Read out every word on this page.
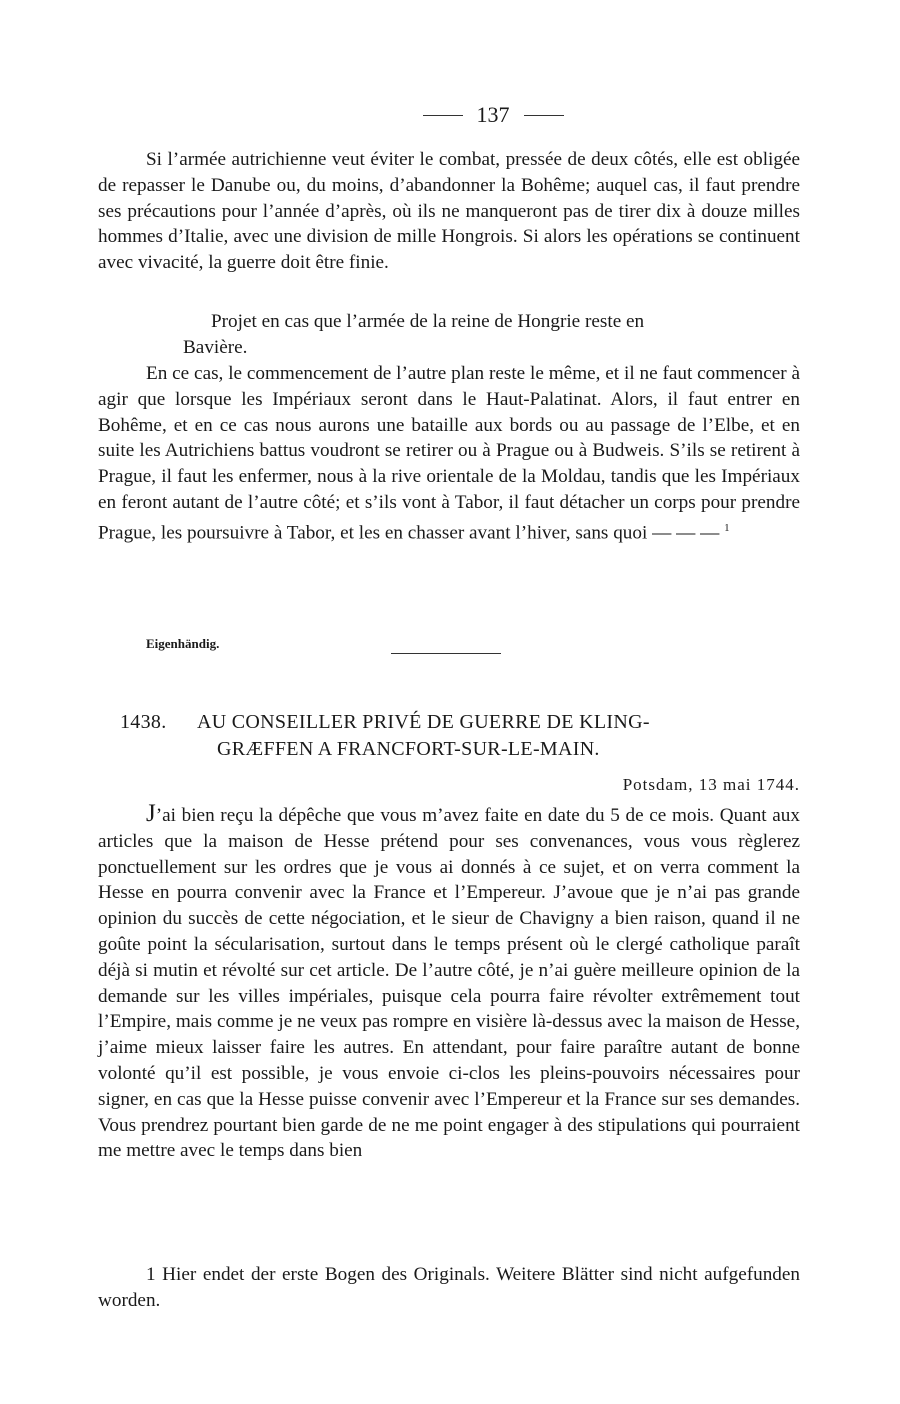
137

Si l’armée autrichienne veut éviter le combat, pressée de deux côtés, elle est obligée de repasser le Danube ou, du moins, d’abandonner la Bohême; auquel cas, il faut prendre ses précautions pour l’année d’après, où ils ne manqueront pas de tirer dix à douze milles hommes d’Italie, avec une division de mille Hongrois. Si alors les opérations se continuent avec vivacité, la guerre doit être finie.

Projet en cas que l’armée de la reine de Hongrie reste en
Bavière.

En ce cas, le commencement de l’autre plan reste le même, et il ne faut commencer à agir que lorsque les Impériaux seront dans le Haut-Palatinat. Alors, il faut entrer en Bohême, et en ce cas nous aurons une bataille aux bords ou au passage de l’Elbe, et en suite les Autrichiens battus voudront se retirer ou à Prague ou à Budweis. S’ils se retirent à Prague, il faut les enfermer, nous à la rive orientale de la Moldau, tandis que les Impériaux en feront autant de l’autre côté; et s’ils vont à Tabor, il faut détacher un corps pour prendre Prague, les poursuivre à Tabor, et les en chasser avant l’hiver, sans quoi — — — $^1$

Eigenhändig.
1438. AU CONSEILLER PRIVÉ DE GUERRE DE KLING-
GRÆFFEN A FRANCFORT-SUR-LE-MAIN.
Potsdam, 13 mai 1744.

J’ai bien reçu la dépêche que vous m’avez faite en date du 5 de ce mois. Quant aux articles que la maison de Hesse prétend pour ses convenances, vous vous règlerez ponctuellement sur les ordres que je vous ai donnés à ce sujet, et on verra comment la Hesse en pourra convenir avec la France et l’Empereur. J’avoue que je n’ai pas grande opinion du succès de cette négociation, et le sieur de Chavigny a bien raison, quand il ne goûte point la sécularisation, surtout dans le temps présent où le clergé catholique paraît déjà si mutin et révolté sur cet article. De l’autre côté, je n’ai guère meilleure opinion de la demande sur les villes impériales, puisque cela pourra faire révolter extrêmement tout l’Empire, mais comme je ne veux pas rompre en visière là-dessus avec la maison de Hesse, j’aime mieux laisser faire les autres. En attendant, pour faire paraître autant de bonne volonté qu’il est possible, je vous envoie ci-clos les pleins-pouvoirs nécessaires pour signer, en cas que la Hesse puisse convenir avec l’Empereur et la France sur ses demandes. Vous prendrez pourtant bien garde de ne me point engager à des stipulations qui pourraient me mettre avec le temps dans bien

1 Hier endet der erste Bogen des Originals. Weitere Blätter sind nicht aufgefunden worden.
